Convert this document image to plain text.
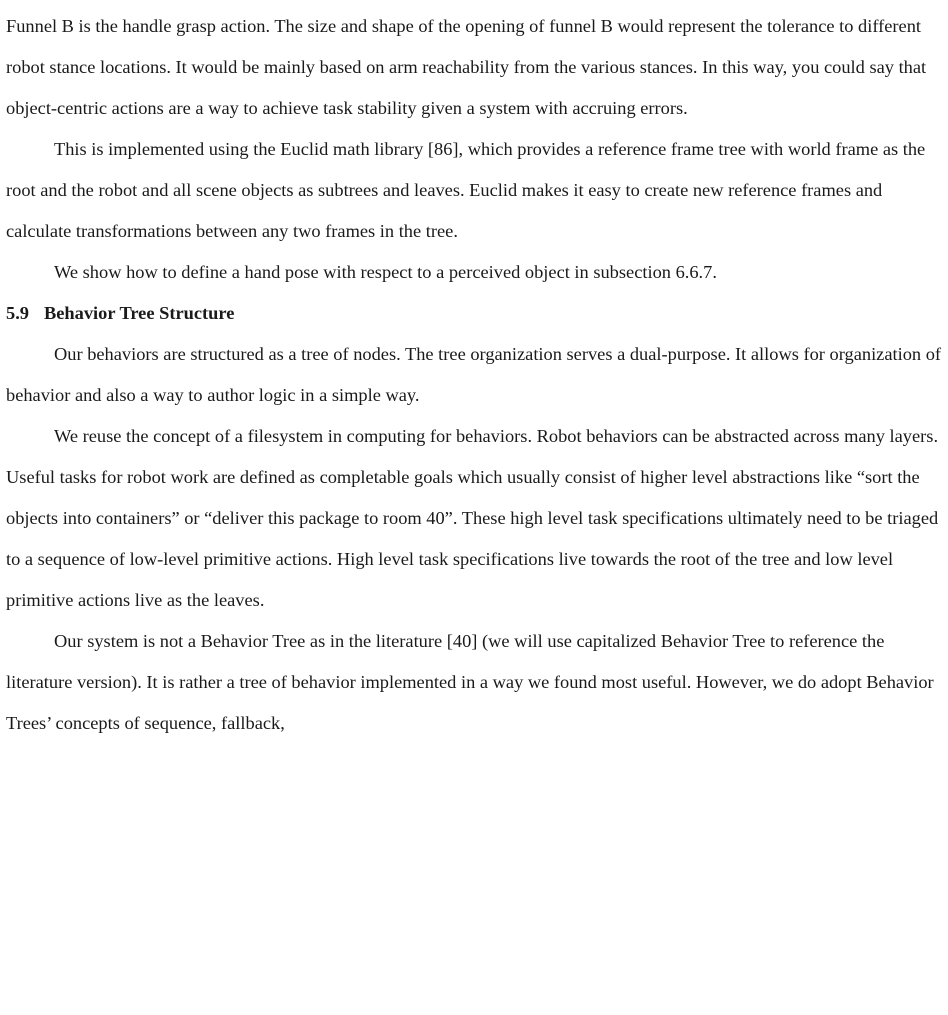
Funnel B is the handle grasp action. The size and shape of the opening of funnel B would represent the tolerance to different robot stance locations. It would be mainly based on arm reachability from the various stances. In this way, you could say that object-centric actions are a way to achieve task stability given a system with accruing errors.

This is implemented using the Euclid math library [86], which provides a reference frame tree with world frame as the root and the robot and all scene objects as subtrees and leaves. Euclid makes it easy to create new reference frames and calculate transformations between any two frames in the tree.

We show how to define a hand pose with respect to a perceived object in subsection 6.6.7.

5.9 Behavior Tree Structure

Our behaviors are structured as a tree of nodes. The tree organization serves a dual-purpose. It allows for organization of behavior and also a way to author logic in a simple way.

We reuse the concept of a filesystem in computing for behaviors. Robot behaviors can be abstracted across many layers. Useful tasks for robot work are defined as completable goals which usually consist of higher level abstractions like “sort the objects into containers” or “deliver this package to room 40”. These high level task specifications ultimately need to be triaged to a sequence of low-level primitive actions. High level task specifications live towards the root of the tree and low level primitive actions live as the leaves.

Our system is not a Behavior Tree as in the literature [40] (we will use capitalized Behavior Tree to reference the literature version). It is rather a tree of behavior implemented in a way we found most useful. However, we do adopt Behavior Trees’ concepts of sequence, fallback,
